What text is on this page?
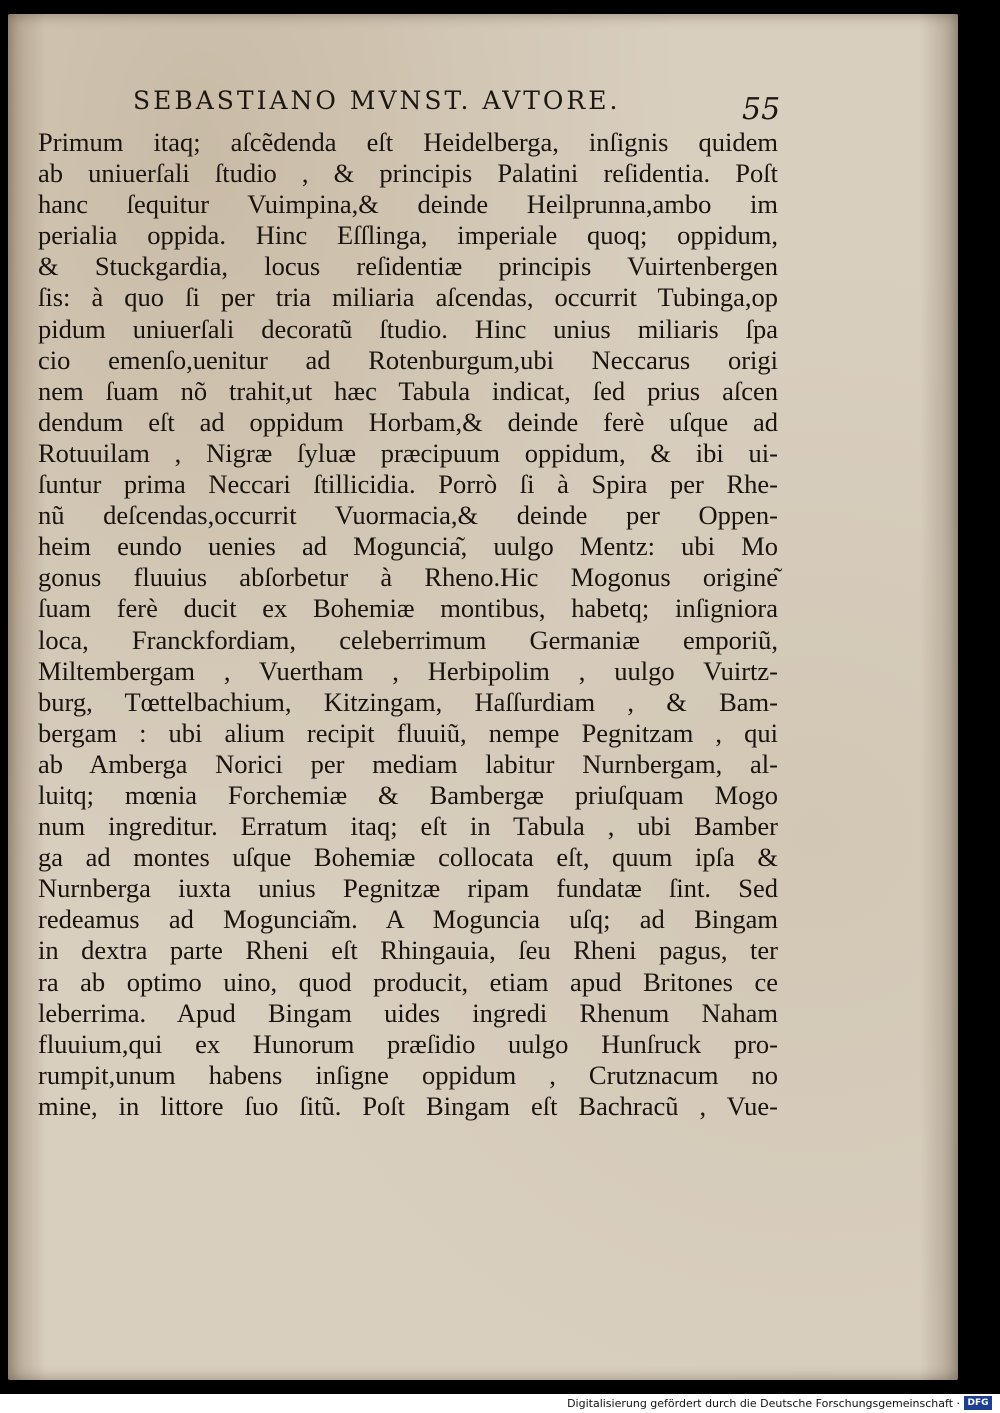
SEBASTIANO MVNST. AVTORE.	55
Primum itaq; aſcẽdenda eſt Heidelberga, inſignis quidem
ab uniuerſali ſtudio , & principis Palatini reſidentia. Poſt
hanc ſequitur Vuimpina,& deinde Heilprunna,ambo im
perialia oppida. Hinc Eſſlinga, imperiale quoq; oppidum,
& Stuckgardia, locus reſidentiæ principis Vuirtenbergen
ſis: à quo ſi per tria miliaria aſcendas, occurrit Tubinga,op
pidum uniuerſali decoratũ ſtudio. Hinc unius miliaris ſpa
cio emenſo,uenitur ad Rotenburgum,ubi Neccarus origi
nem ſuam nõ trahit,ut hæc Tabula indicat, ſed prius aſcen
dendum eſt ad oppidum Horbam,& deinde ferè uſque ad
Rotuuilam , Nigræ ſyluæ præcipuum oppidum, & ibi ui-
ſuntur prima Neccari ſtillicidia. Porrò ſi à Spira per Rhe-
nũ deſcendas,occurrit Vuormacia,& deinde per Oppen-
heim eundo uenies ad Moguncia͂, uulgo Mentz: ubi Mo
gonus fluuius abſorbetur à Rheno.Hic Mogonus origine͂
ſuam ferè ducit ex Bohemiæ montibus, habetq; inſigniora
loca, Franckfordiam, celeberrimum Germaniæ emporiũ,
Miltembergam , Vuertham , Herbipolim , uulgo Vuirtz-
burg, Tœttelbachium, Kitzingam, Haſſurdiam , & Bam-
bergam : ubi alium recipit fluuiũ, nempe Pegnitzam , qui
ab Amberga Norici per mediam labitur Nurnbergam, al-
luitq; mœnia Forchemiæ & Bambergæ priuſquam Mogo
num ingreditur. Erratum itaq; eſt in Tabula , ubi Bamber
ga ad montes uſque Bohemiæ collocata eſt, quum ipſa &
Nurnberga iuxta unius Pegnitzæ ripam fundatæ ſint. Sed
redeamus ad Moguncia͂m. A Moguncia uſq; ad Bingam
in dextra parte Rheni eſt Rhingauia, ſeu Rheni pagus, ter
ra ab optimo uino, quod producit, etiam apud Britones ce
leberrima. Apud Bingam uides ingredi Rhenum Naham
fluuium,qui ex Hunorum præſidio uulgo Hunſruck pro-
rumpit,unum habens inſigne oppidum , Crutznacum no
mine, in littore ſuo ſitũ. Poſt Bingam eſt Bachracũ , Vue-
Digitalisierung gefördert durch die Deutsche Forschungsgemeinschaft · DFG
